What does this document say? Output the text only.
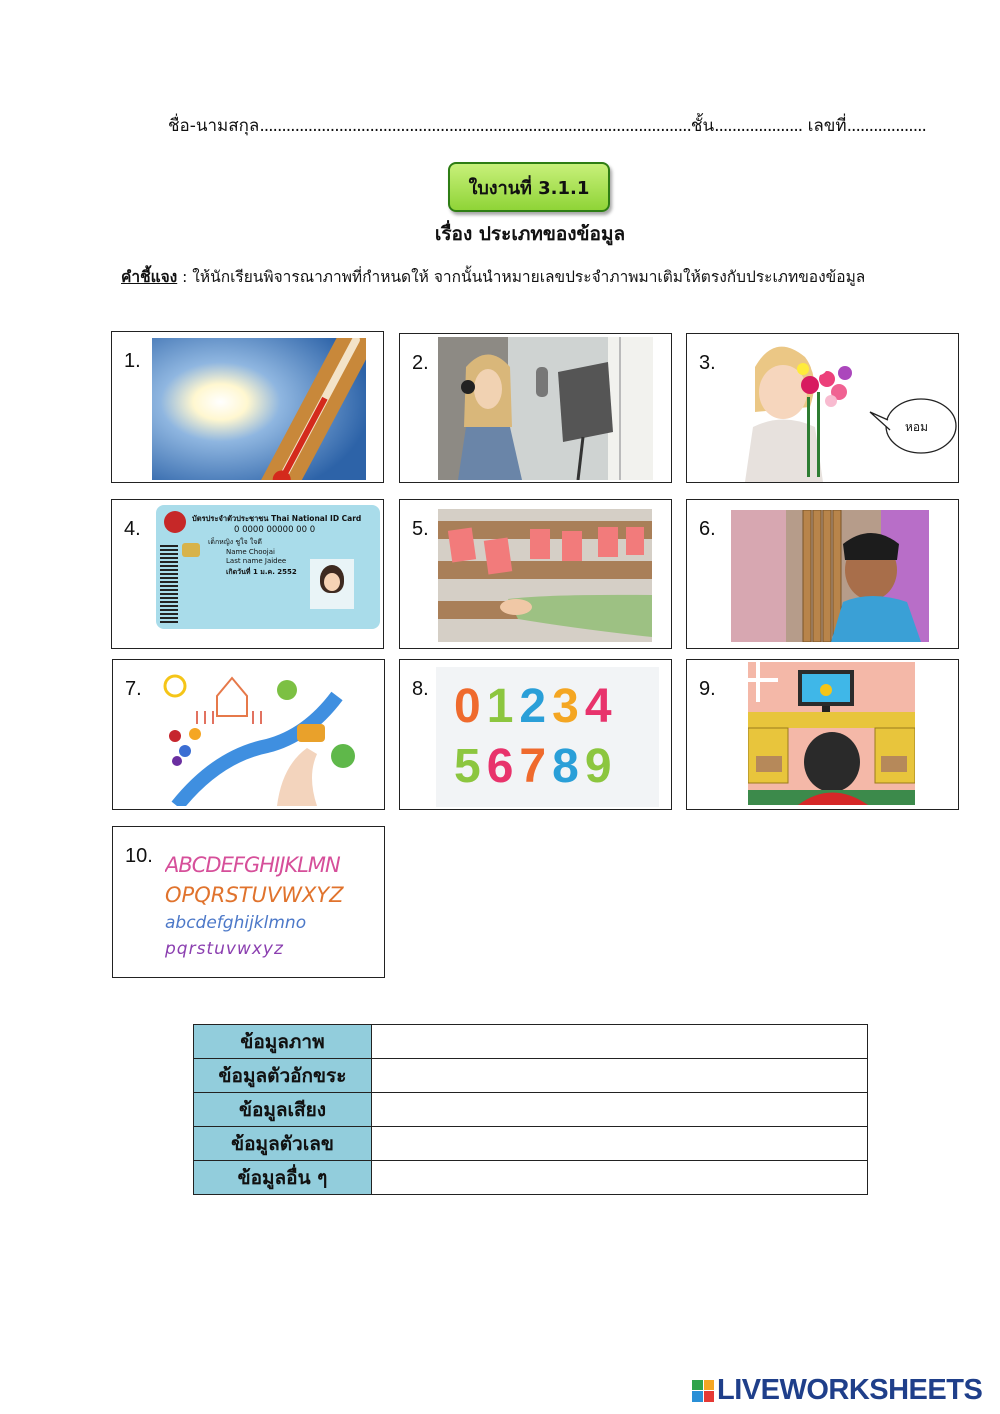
ชื่อ-นามสกุล..................................................................................................ชั้น.................... เลขที่..................
ใบงานที่ 3.1.1
เรื่อง ประเภทของข้อมูล
คำชี้แจง : ให้นักเรียนพิจารณาภาพที่กำหนดให้ จากนั้นนำหมายเลขประจำภาพมาเติมให้ตรงกับประเภทของข้อมูล
1.	2.	3.
หอม
4.	บัตรประจำตัวประชาชน Thai National ID Card
0 0000 00000 00 0
เด็กหญิง ชูใจ ใจดี
Name Choojai
Last name Jaidee
เกิดวันที่ 1 ม.ค. 2552
5.	6.
7.	8. 01234
56789
9.
10. ABCDEFGHIJKLMN
OPQRSTUVWXYZ
abcdefghijklmno
pqrstuvwxyz
ข้อมูลภาพ	
ข้อมูลตัวอักขระ	
ข้อมูลเสียง	
ข้อมูลตัวเลข	
ข้อมูลอื่น ๆ	
LIVEWORKSHEETS
